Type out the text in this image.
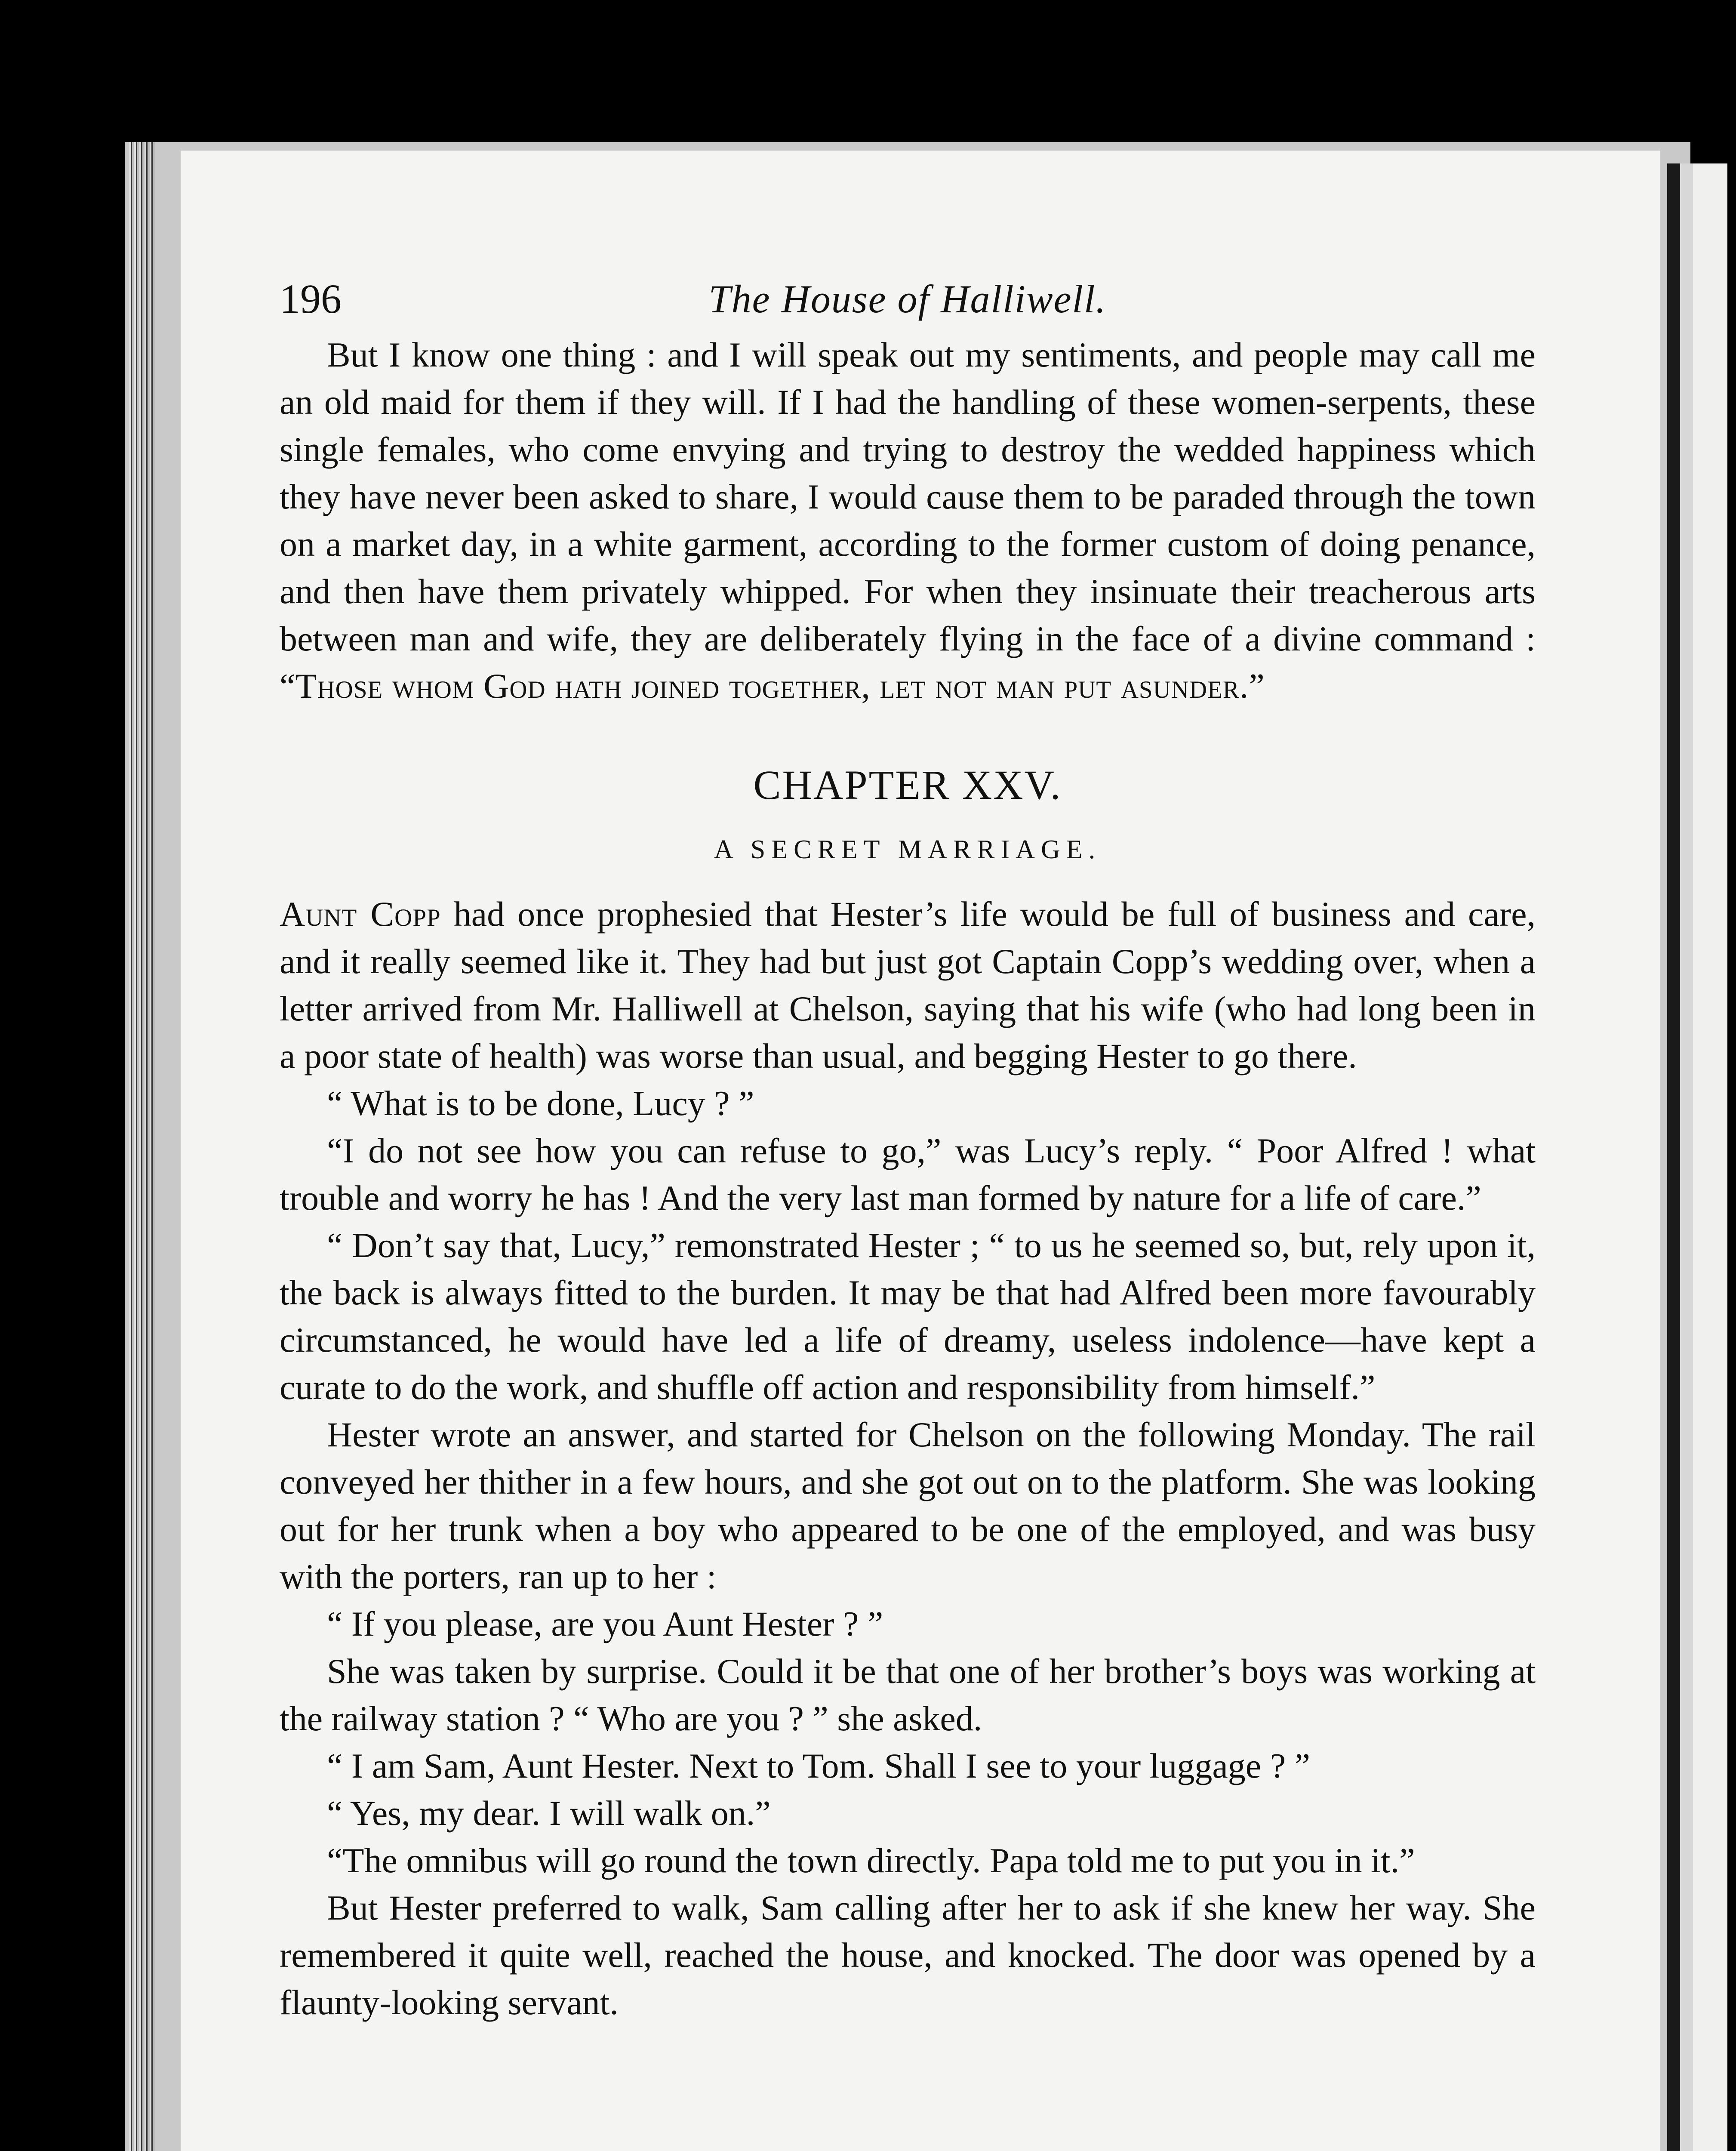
196	The House of Halliwell.

But I know one thing : and I will speak out my sentiments, and people may call me an old maid for them if they will. If I had the handling of these women-serpents, these single females, who come envying and trying to destroy the wedded happiness which they have never been asked to share, I would cause them to be paraded through the town on a market day, in a white garment, according to the former custom of doing penance, and then have them privately whipped. For when they insinuate their treacherous arts between man and wife, they are deliberately flying in the face of a divine command : “Those whom God hath joined together, let not man put asunder.”

CHAPTER XXV.
A SECRET MARRIAGE.

Aunt Copp had once prophesied that Hester’s life would be full of business and care, and it really seemed like it. They had but just got Captain Copp’s wedding over, when a letter arrived from Mr. Halliwell at Chelson, saying that his wife (who had long been in a poor state of health) was worse than usual, and begging Hester to go there.

“ What is to be done, Lucy ? ”

“I do not see how you can refuse to go,” was Lucy’s reply. “ Poor Alfred ! what trouble and worry he has ! And the very last man formed by nature for a life of care.”

“ Don’t say that, Lucy,” remonstrated Hester ; “ to us he seemed so, but, rely upon it, the back is always fitted to the burden. It may be that had Alfred been more favourably circumstanced, he would have led a life of dreamy, useless indolence—have kept a curate to do the work, and shuffle off action and responsibility from himself.”

Hester wrote an answer, and started for Chelson on the following Monday. The rail conveyed her thither in a few hours, and she got out on to the platform. She was looking out for her trunk when a boy who appeared to be one of the employed, and was busy with the porters, ran up to her :

“ If you please, are you Aunt Hester ? ”

She was taken by surprise. Could it be that one of her brother’s boys was working at the railway station ? “ Who are you ? ” she asked.

“ I am Sam, Aunt Hester. Next to Tom. Shall I see to your luggage ? ”

“ Yes, my dear. I will walk on.”

“The omnibus will go round the town directly. Papa told me to put you in it.”

But Hester preferred to walk, Sam calling after her to ask if she knew her way. She remembered it quite well, reached the house, and knocked. The door was opened by a flaunty-looking servant.
